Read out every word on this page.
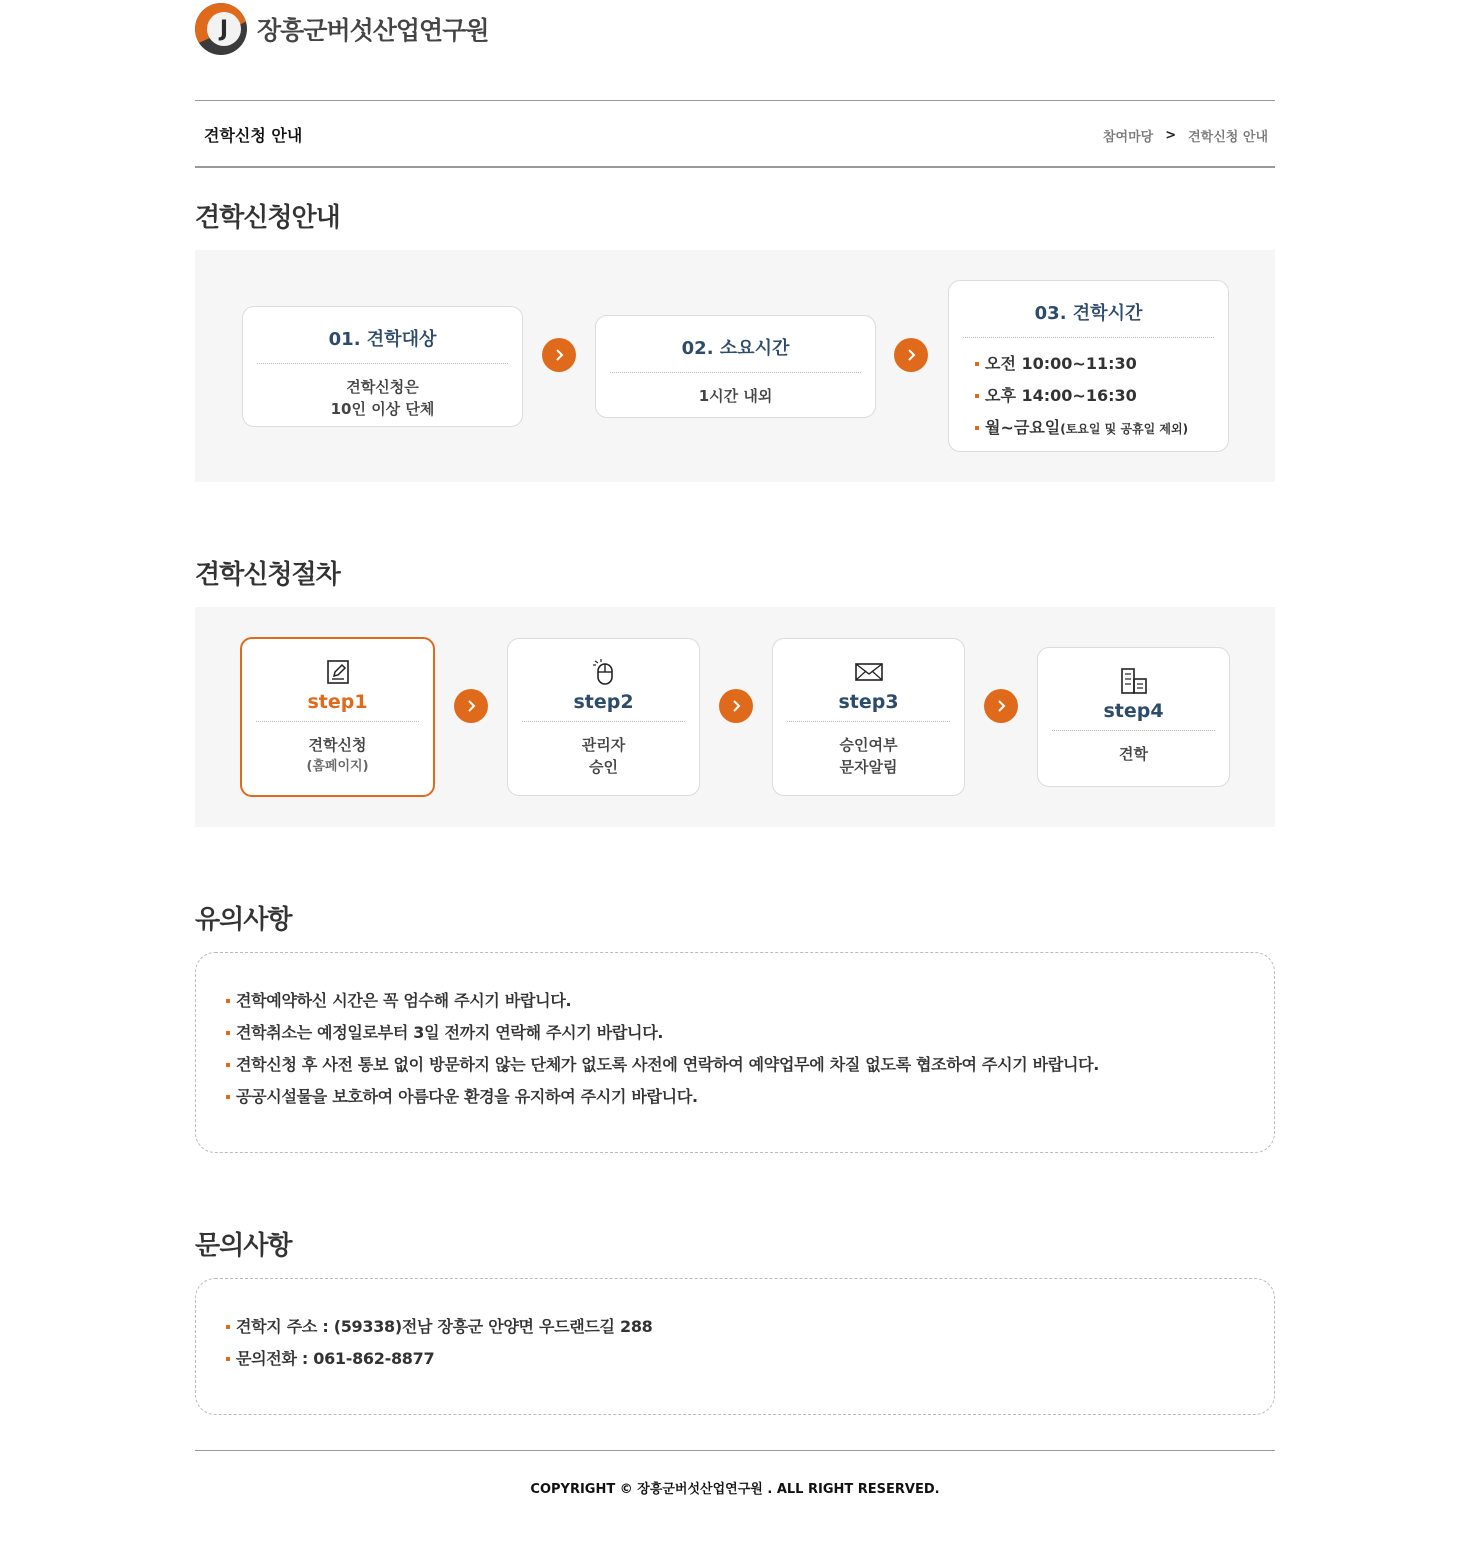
J	장흥군버섯산업연구원
견학신청 안내	참여마당 > 견학신청 안내
견학신청안내
01. 견학대상
견학신청은
10인 이상 단체
02. 소요시간
1시간 내외
03. 견학시간
오전 10:00~11:30
오후 14:00~16:30
월~금요일(토요일 및 공휴일 제외)
견학신청절차
step1
견학신청
(홈페이지)
step2
관리자
승인
step3
승인여부
문자알림
step4
견학
유의사항
견학예약하신 시간은 꼭 엄수해 주시기 바랍니다.
견학취소는 예정일로부터 3일 전까지 연락해 주시기 바랍니다.
견학신청 후 사전 통보 없이 방문하지 않는 단체가 없도록 사전에 연락하여 예약업무에 차질 없도록 협조하여 주시기 바랍니다.
공공시설물을 보호하여 아름다운 환경을 유지하여 주시기 바랍니다.
문의사항
견학지 주소 : (59338)전남 장흥군 안양면 우드랜드길 288
문의전화 : 061-862-8877
COPYRIGHT © 장흥군버섯산업연구원 . ALL RIGHT RESERVED.
